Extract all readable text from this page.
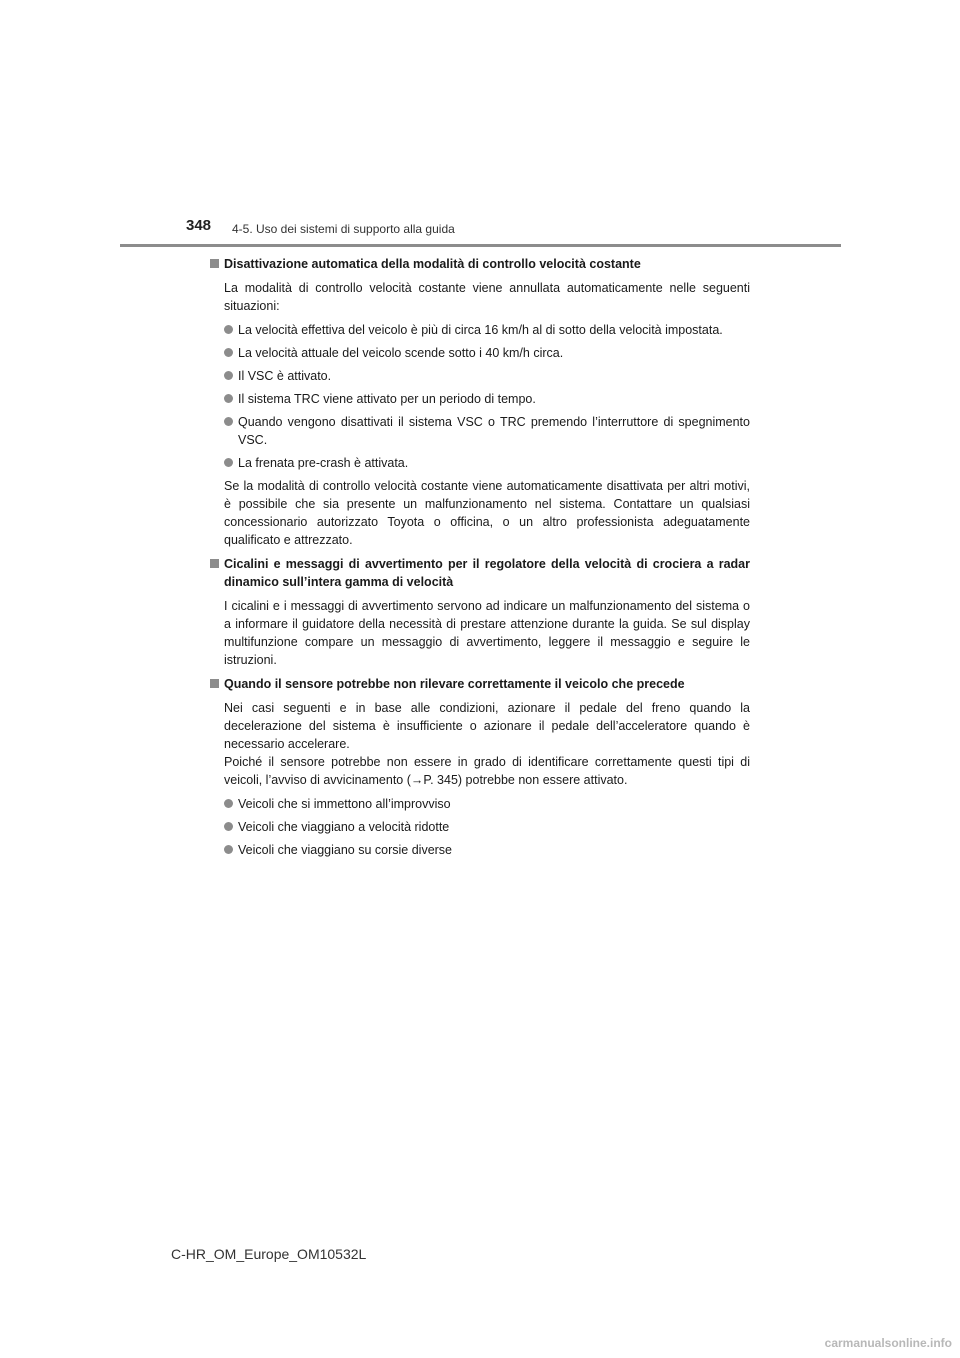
348 4-5. Uso dei sistemi di supporto alla guida
Disattivazione automatica della modalità di controllo velocità costante

La modalità di controllo velocità costante viene annullata automaticamente nelle seguenti situazioni:

La velocità effettiva del veicolo è più di circa 16 km/h al di sotto della velocità impostata.
La velocità attuale del veicolo scende sotto i 40 km/h circa.
Il VSC è attivato.
Il sistema TRC viene attivato per un periodo di tempo.
Quando vengono disattivati il sistema VSC o TRC premendo l’interruttore di spegnimento VSC.
La frenata pre-crash è attivata.

Se la modalità di controllo velocità costante viene automaticamente disattivata per altri motivi, è possibile che sia presente un malfunzionamento nel sistema. Contattare un qualsiasi concessionario autorizzato Toyota o officina, o un altro professionista adeguatamente qualificato e attrezzato.

Cicalini e messaggi di avvertimento per il regolatore della velocità di crociera a radar dinamico sull’intera gamma di velocità

I cicalini e i messaggi di avvertimento servono ad indicare un malfunzionamento del sistema o a informare il guidatore della necessità di prestare attenzione durante la guida. Se sul display multifunzione compare un messaggio di avvertimento, leggere il messaggio e seguire le istruzioni.

Quando il sensore potrebbe non rilevare correttamente il veicolo che precede

Nei casi seguenti e in base alle condizioni, azionare il pedale del freno quando la decelerazione del sistema è insufficiente o azionare il pedale dell’acceleratore quando è necessario accelerare.

Poiché il sensore potrebbe non essere in grado di identificare correttamente questi tipi di veicoli, l’avviso di avvicinamento (→P. 345) potrebbe non essere attivato.

Veicoli che si immettono all’improvviso
Veicoli che viaggiano a velocità ridotte
Veicoli che viaggiano su corsie diverse
C-HR_OM_Europe_OM10532L
carmanualsonline.info
